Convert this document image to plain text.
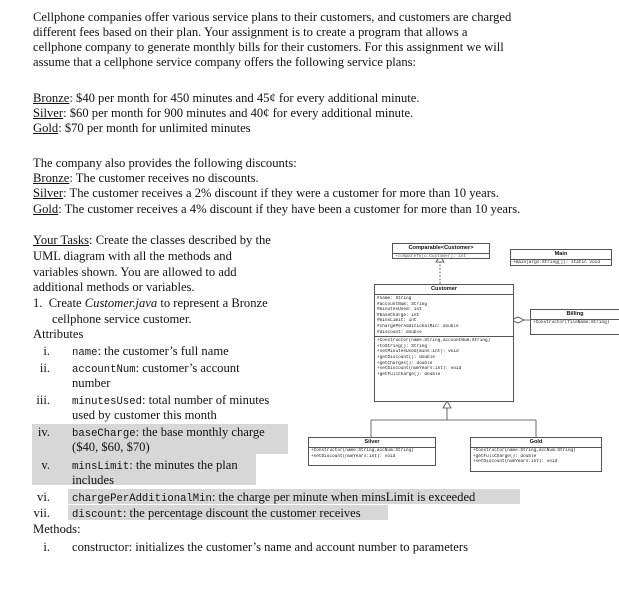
Cellphone companies offer various service plans to their customers, and customers are charged
different fees based on their plan. Your assignment is to create a program that allows a
cellphone company to generate monthly bills for their customers. For this assignment we will
assume that a cellphone service company offers the following service plans:
Bronze: $40 per month for 450 minutes and 45¢ for every additional minute.
Silver: $60 per month for 900 minutes and 40¢ for every additional minute.
Gold: $70 per month for unlimited minutes
The company also provides the following discounts:
Bronze: The customer receives no discounts.
Silver: The customer receives a 2% discount if they were a customer for more than 10 years.
Gold: The customer receives a 4% discount if they have been a customer for more than 10 years.
Your Tasks: Create the classes described by the
UML diagram with all the methods and
variables shown. You are allowed to add
additional methods or variables.
1. Create Customer.java to represent a Bronze
cellphone service customer.
Attributes
i. name: the customer’s full name
ii. accountNum: customer’s account
number
iii. minutesUsed: total number of minutes
used by customer this month
iv. baseCharge: the base monthly charge
($40, $60, $70)
v. minsLimit: the minutes the plan
includes
vi. chargePerAdditionalMin: the charge per minute when minsLimit is exceeded
vii. discount: the percentage discount the customer receives
Methods:
i. constructor: initializes the customer’s name and account number to parameters
Comparable<Customer>
+compareTo(o:Customer): int	Main
+main(args:String[]): static void
Billing
+Constructor(fileName:String)
Customer
#name: String
#accountNum: String
#minutesUsed: int
#baseCharge: int
#minsLimit: int
#chargePerAdditionalMin: double
#discount: double
+Constructor(name:String,accountNum:String)
+toString(): String
+setMinutesUsed(mins:int): void
+getDiscount(): double
+getCharges(): double
+setDiscount(numYears:int): void
+getFullCharge(): double
Silver
+Constructor(name:String,accNum:String)
+setDiscount(numYears:int): void
Gold
+Constructor(name:String,accNum:String)
+getFullCharge(): double
+setDiscount(numYears:int): void
